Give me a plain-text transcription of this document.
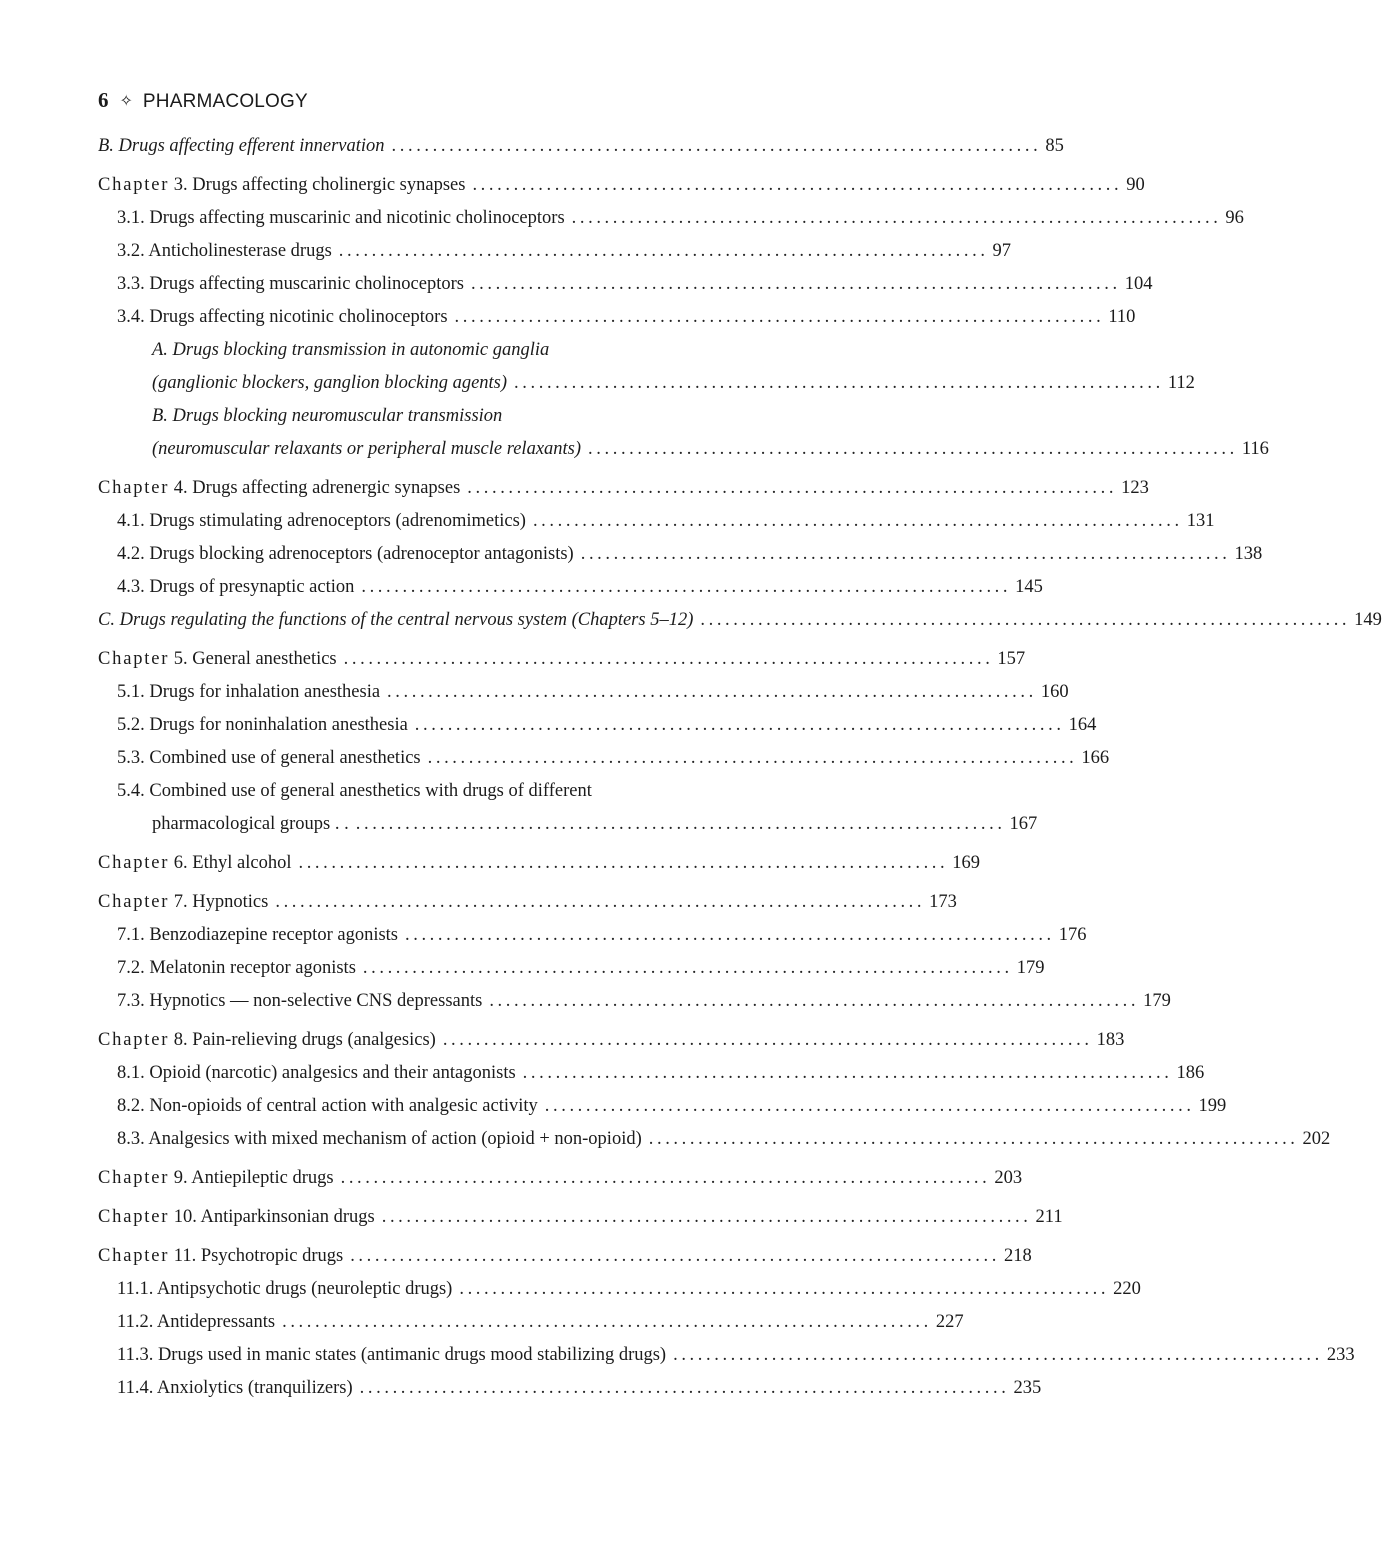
6 ✧ PHARMACOLOGY
B. Drugs affecting efferent innervation ............................................................................... 85
Chapter 3. Drugs affecting cholinergic synapses ............................................................................... 90
3.1. Drugs affecting muscarinic and nicotinic cholinoceptors ............................................................................... 96
3.2. Anticholinesterase drugs ............................................................................... 97
3.3. Drugs affecting muscarinic cholinoceptors ............................................................................... 104
3.4. Drugs affecting nicotinic cholinoceptors ............................................................................... 110
A. Drugs blocking transmission in autonomic ganglia
(ganglionic blockers, ganglion blocking agents) ............................................................................... 112
B. Drugs blocking neuromuscular transmission
(neuromuscular relaxants or peripheral muscle relaxants) ............................................................................... 116
Chapter 4. Drugs affecting adrenergic synapses ............................................................................... 123
4.1. Drugs stimulating adrenoceptors (adrenomimetics) ............................................................................... 131
4.2. Drugs blocking adrenoceptors (adrenoceptor antagonists) ............................................................................... 138
4.3. Drugs of presynaptic action ............................................................................... 145
C. Drugs regulating the functions of the central nervous system (Chapters 5–12) ............................................................................... 149
Chapter 5. General anesthetics ............................................................................... 157
5.1. Drugs for inhalation anesthesia ............................................................................... 160
5.2. Drugs for noninhalation anesthesia ............................................................................... 164
5.3. Combined use of general anesthetics ............................................................................... 166
5.4. Combined use of general anesthetics with drugs of different
pharmacological groups . . ............................................................................... 167
Chapter 6. Ethyl alcohol ............................................................................... 169
Chapter 7. Hypnotics ............................................................................... 173
7.1. Benzodiazepine receptor agonists ............................................................................... 176
7.2. Melatonin receptor agonists ............................................................................... 179
7.3. Hypnotics — non-selective CNS depressants ............................................................................... 179
Chapter 8. Pain-relieving drugs (analgesics) ............................................................................... 183
8.1. Opioid (narcotic) analgesics and their antagonists ............................................................................... 186
8.2. Non-opioids of central action with analgesic activity ............................................................................... 199
8.3. Analgesics with mixed mechanism of action (opioid + non-opioid) ............................................................................... 202
Chapter 9. Antiepileptic drugs ............................................................................... 203
Chapter 10. Antiparkinsonian drugs ............................................................................... 211
Chapter 11. Psychotropic drugs ............................................................................... 218
11.1. Antipsychotic drugs (neuroleptic drugs) ............................................................................... 220
11.2. Antidepressants ............................................................................... 227
11.3. Drugs used in manic states (antimanic drugs mood stabilizing drugs) ............................................................................... 233
11.4. Anxiolytics (tranquilizers) ............................................................................... 235
